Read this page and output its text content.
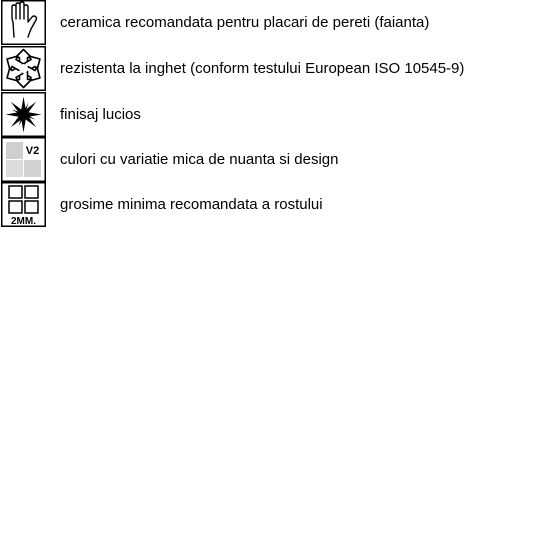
ceramica recomandata pentru placari de pereti (faianta)
rezistenta la inghet (conform testului European ISO 10545-9)
finisaj lucios
V2 culori cu variatie mica de nuanta si design
2MM.
grosime minima recomandata a rostului
